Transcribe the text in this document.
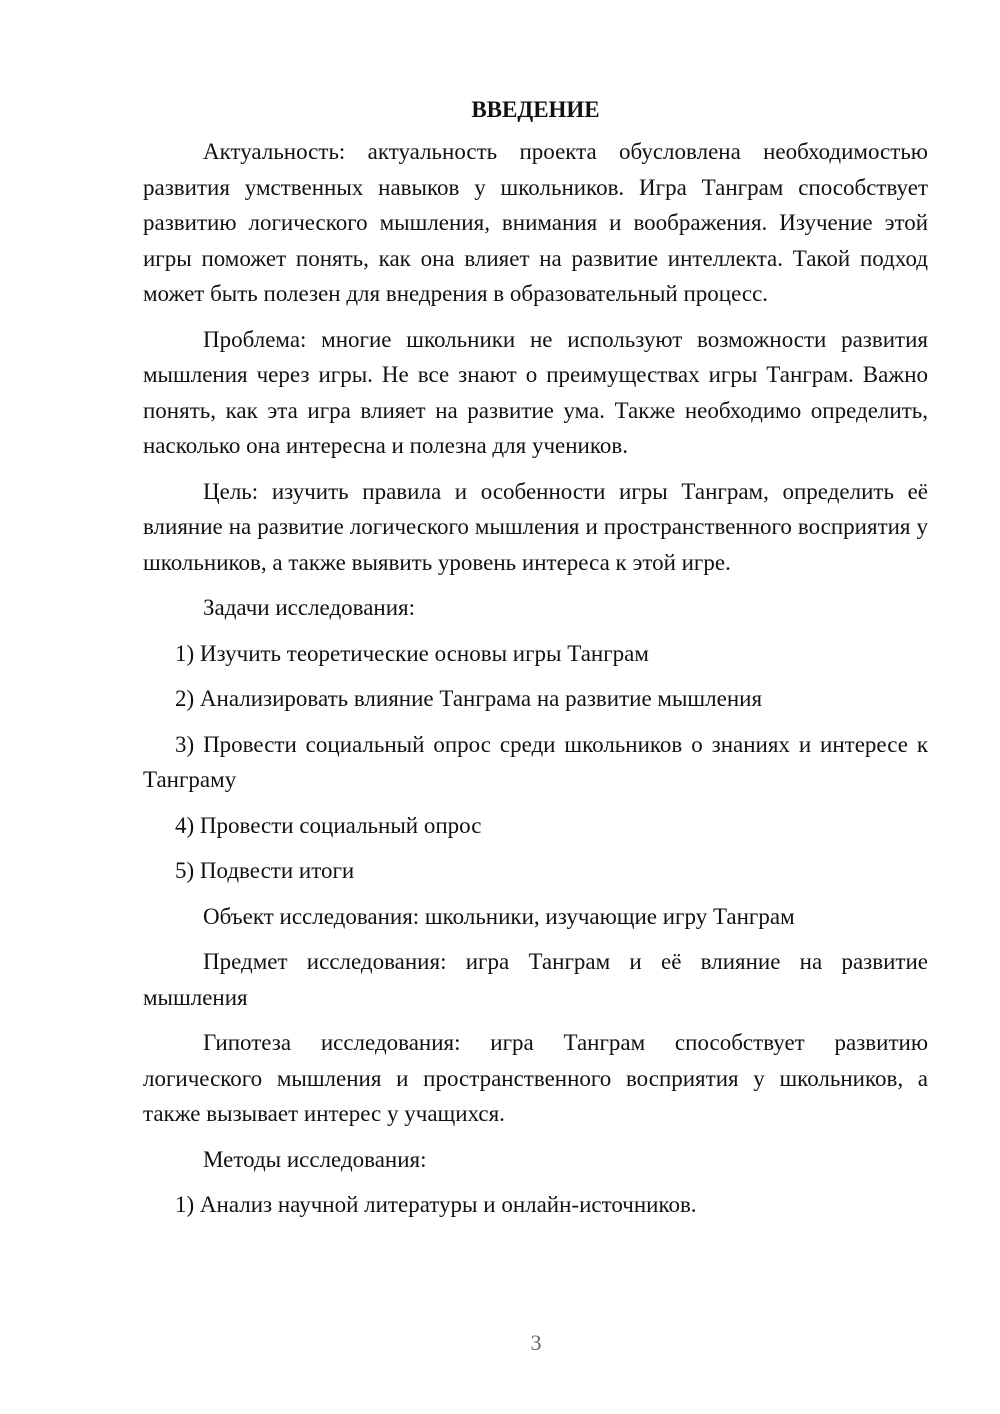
ВВЕДЕНИЕ

Актуальность: актуальность проекта обусловлена необходимостью развития умственных навыков у школьников. Игра Танграм способствует развитию логического мышления, внимания и воображения. Изучение этой игры поможет понять, как она влияет на развитие интеллекта. Такой подход может быть полезен для внедрения в образовательный процесс.

Проблема: многие школьники не используют возможности развития мышления через игры. Не все знают о преимуществах игры Танграм. Важно понять, как эта игра влияет на развитие ума. Также необходимо определить, насколько она интересна и полезна для учеников.

Цель: изучить правила и особенности игры Танграм, определить её влияние на развитие логического мышления и пространственного восприятия у школьников, а также выявить уровень интереса к этой игре.

Задачи исследования:

1) Изучить теоретические основы игры Танграм

2) Анализировать влияние Танграма на развитие мышления

3) Провести социальный опрос среди школьников о знаниях и интересе к Танграму

4) Провести социальный опрос

5) Подвести итоги

Объект исследования: школьники, изучающие игру Танграм

Предмет исследования: игра Танграм и её влияние на развитие мышления

Гипотеза исследования: игра Танграм способствует развитию логического мышления и пространственного восприятия у школьников, а также вызывает интерес у учащихся.

Методы исследования:

1) Анализ научной литературы и онлайн-источников.

3
